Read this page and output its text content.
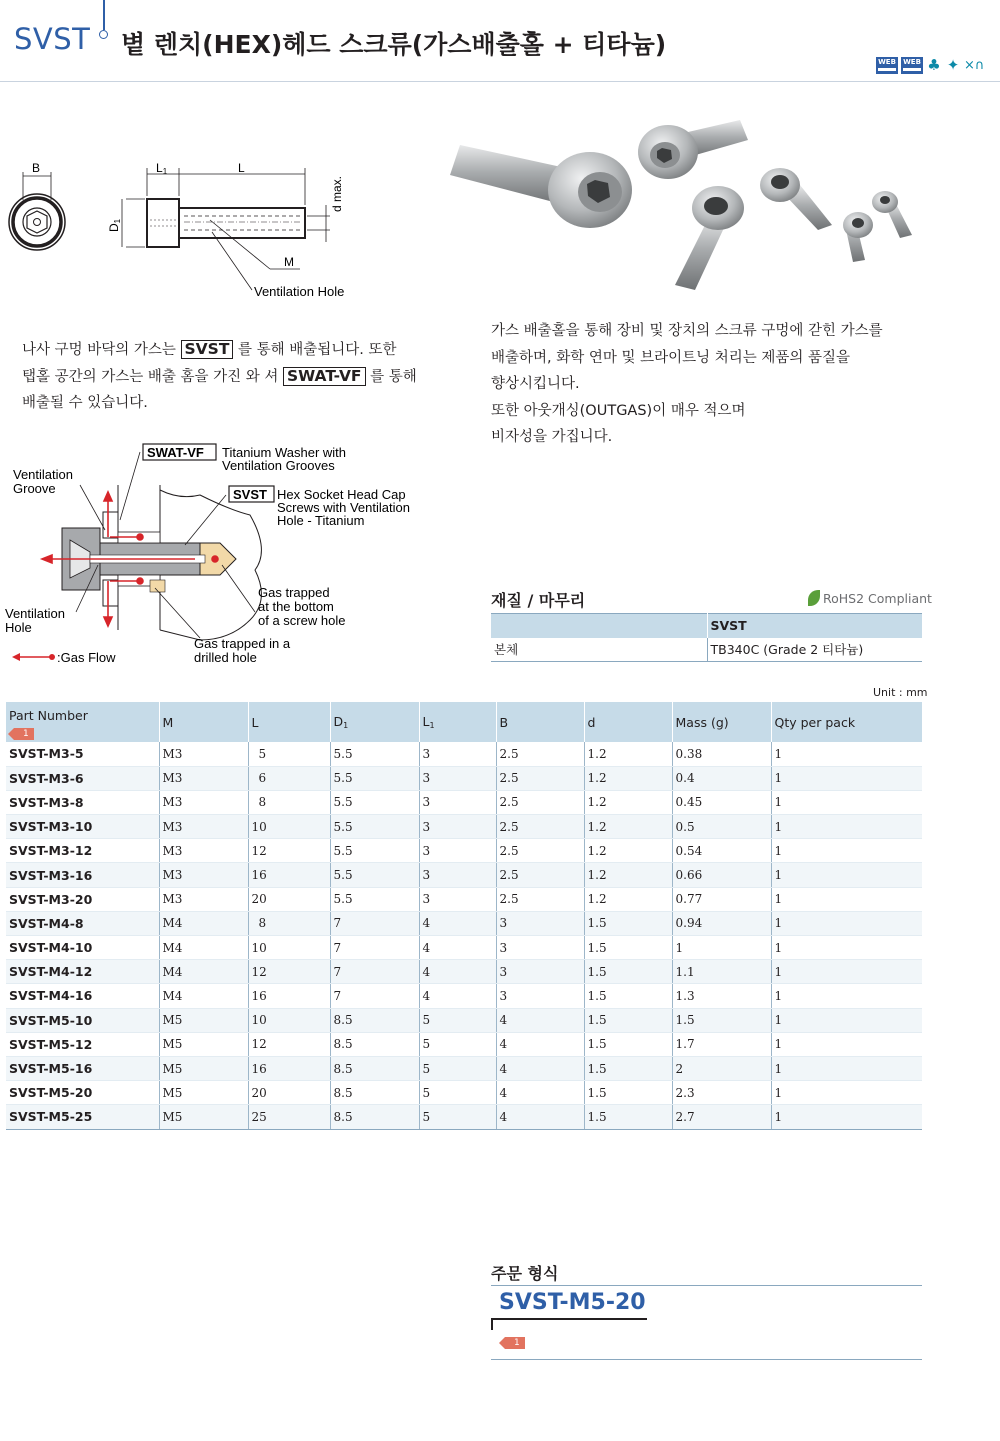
SVST 볕 렌치(HEX)헤드 스크류(가스배출홀 + 티타늄)
WEB WEB ♣ ✦ ×∩
B	L1	L
D1
d max.
M
Ventilation Hole
나사 구멍 바닥의 가스는 SVST 를 통해 배출됩니다. 또한
탭홀 공간의 가스는 배출 홈을 가진 와 셔 SWAT-VF 를 통해
배출될 수 있습니다.

가스 배출홀을 통해 장비 및 장치의 스크류 구멍에 갇힌 가스를

배출하며, 화학 연마 및 브라이트닝 처리는 제품의 품질을

향상시킵니다.

또한 아웃개싱(OUTGAS)이 매우 적으며

비자성을 가집니다.

SWAT-VF Titanium Washer with
Ventilation Grooves
SVST Hex Socket Head Cap
Screws with Ventilation
Hole - Titanium
Ventilation
Groove
Ventilation
Hole
Gas trapped
at the bottom
of a screw hole
Gas trapped in a
drilled hole
:Gas Flow
재질 / 마무리	RoHS2 Compliant
	SVST
본체	TB340C (Grade 2 티타늄)
Unit : mm
Part Number
1	M	L	$D_1$	$L_1$	B	d	Mass (g)	Qty per pack
SVST-M3-5	M3	5	5.5	3	2.5	1.2	0.38	1
SVST-M3-6	M3	6	5.5	3	2.5	1.2	0.4	1
SVST-M3-8	M3	8	5.5	3	2.5	1.2	0.45	1
SVST-M3-10	M3	10	5.5	3	2.5	1.2	0.5	1
SVST-M3-12	M3	12	5.5	3	2.5	1.2	0.54	1
SVST-M3-16	M3	16	5.5	3	2.5	1.2	0.66	1
SVST-M3-20	M3	20	5.5	3	2.5	1.2	0.77	1
SVST-M4-8	M4	8	7	4	3	1.5	0.94	1
SVST-M4-10	M4	10	7	4	3	1.5	1	1
SVST-M4-12	M4	12	7	4	3	1.5	1.1	1
SVST-M4-16	M4	16	7	4	3	1.5	1.3	1
SVST-M5-10	M5	10	8.5	5	4	1.5	1.5	1
SVST-M5-12	M5	12	8.5	5	4	1.5	1.7	1
SVST-M5-16	M5	16	8.5	5	4	1.5	2	1
SVST-M5-20	M5	20	8.5	5	4	1.5	2.3	1
SVST-M5-25	M5	25	8.5	5	4	1.5	2.7	1
주문 형식
SVST-M5-20
1
